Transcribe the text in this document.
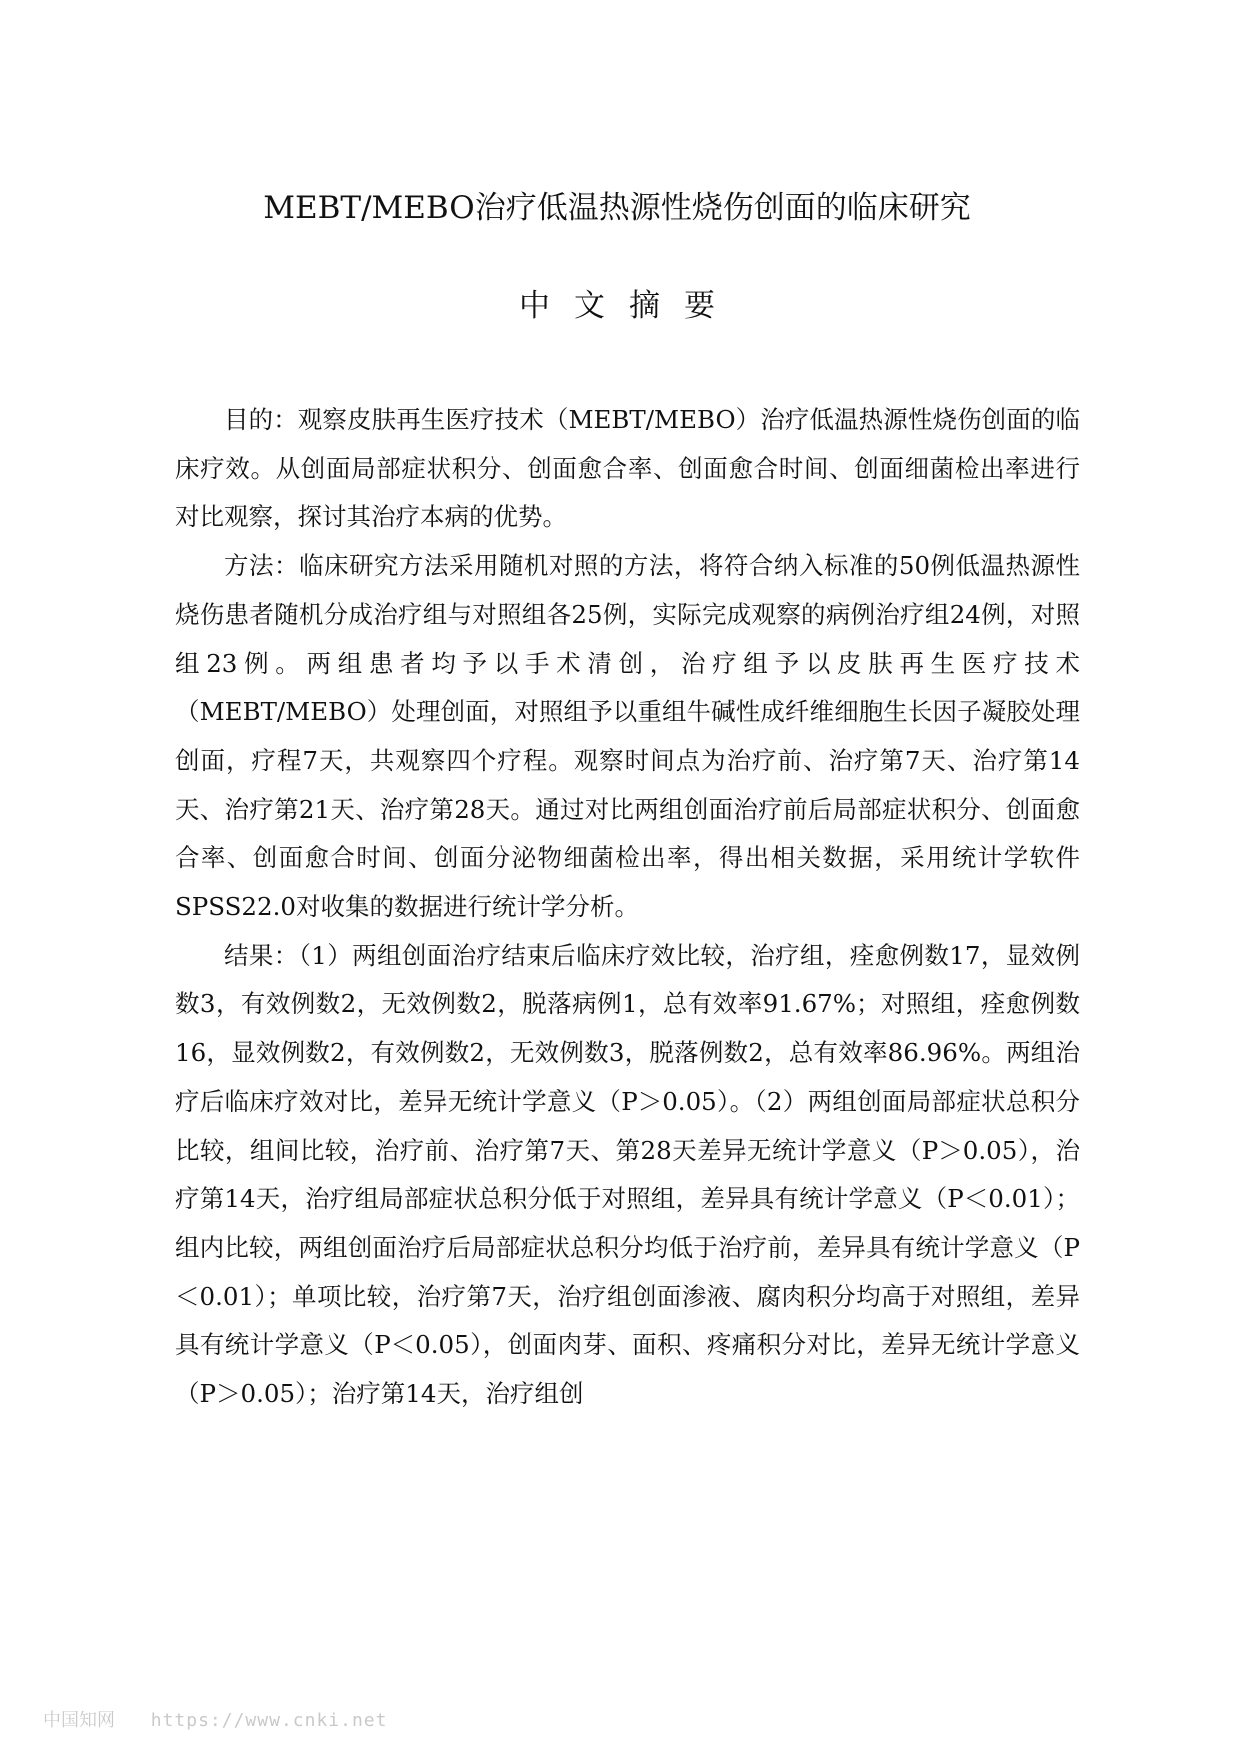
MEBT/MEBO治疗低温热源性烧伤创面的临床研究
中文摘要

目的：观察皮肤再生医疗技术（MEBT/MEBO）治疗低温热源性烧伤创面的临床疗效。从创面局部症状积分、创面愈合率、创面愈合时间、创面细菌检出率进行对比观察，探讨其治疗本病的优势。

方法：临床研究方法采用随机对照的方法，将符合纳入标准的50例低温热源性烧伤患者随机分成治疗组与对照组各25例，实际完成观察的病例治疗组24例，对照组23例。两组患者均予以手术清创，治疗组予以皮肤再生医疗技术（MEBT/MEBO）处理创面，对照组予以重组牛碱性成纤维细胞生长因子凝胶处理创面，疗程7天，共观察四个疗程。观察时间点为治疗前、治疗第7天、治疗第14天、治疗第21天、治疗第28天。通过对比两组创面治疗前后局部症状积分、创面愈合率、创面愈合时间、创面分泌物细菌检出率，得出相关数据，采用统计学软件SPSS22.0对收集的数据进行统计学分析。

结果：（1）两组创面治疗结束后临床疗效比较，治疗组，痊愈例数17，显效例数3，有效例数2，无效例数2，脱落病例1，总有效率91.67%；对照组，痊愈例数16，显效例数2，有效例数2，无效例数3，脱落例数2，总有效率86.96%。两组治疗后临床疗效对比，差异无统计学意义（P＞0.05）。（2）两组创面局部症状总积分比较，组间比较，治疗前、治疗第7天、第28天差异无统计学意义（P＞0.05），治疗第14天，治疗组局部症状总积分低于对照组，差异具有统计学意义（P＜0.01）；组内比较，两组创面治疗后局部症状总积分均低于治疗前，差异具有统计学意义（P＜0.01）；单项比较，治疗第7天，治疗组创面渗液、腐肉积分均高于对照组，差异具有统计学意义（P＜0.05），创面肉芽、面积、疼痛积分对比，差异无统计学意义（P＞0.05）；治疗第14天，治疗组创

中国知网 https://www.cnki.net
